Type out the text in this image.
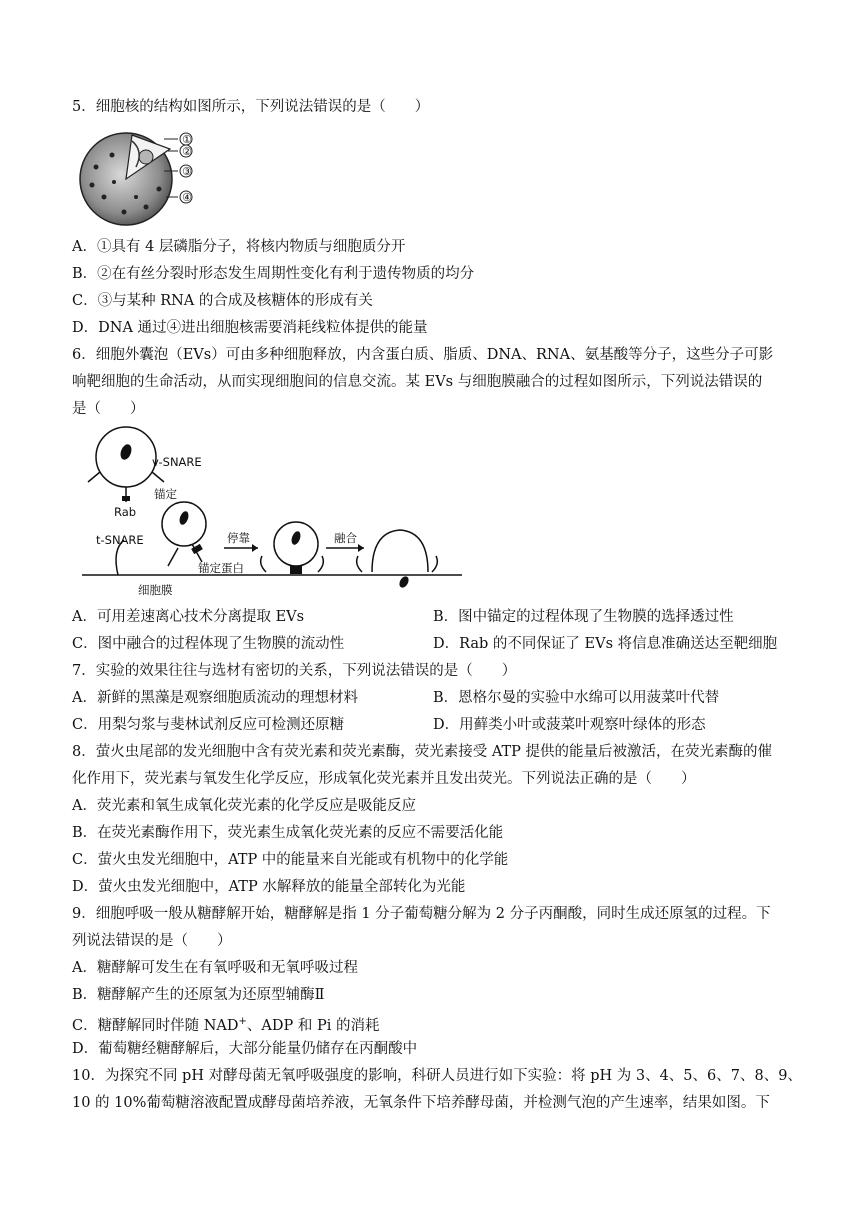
5．细胞核的结构如图所示，下列说法错误的是（　　）
①
②
③
④
A．①具有 4 层磷脂分子，将核内物质与细胞质分开
B．②在有丝分裂时形态发生周期性变化有利于遗传物质的均分
C．③与某种 RNA 的合成及核糖体的形成有关
D．DNA 通过④进出细胞核需要消耗线粒体提供的能量
6．细胞外囊泡（EVs）可由多种细胞释放，内含蛋白质、脂质、DNA、RNA、氨基酸等分子，这些分子可影
响靶细胞的生命活动，从而实现细胞间的信息交流。某 EVs 与细胞膜融合的过程如图所示，下列说法错误的
是（　　）
v-SNARE
Rab
锚定
t-SNARE	停靠	融合
锚定蛋白
细胞膜
A．可用差速离心技术分离提取 EVs	B．图中锚定的过程体现了生物膜的选择透过性
C．图中融合的过程体现了生物膜的流动性	D．Rab 的不同保证了 EVs 将信息准确送达至靶细胞
7．实验的效果往往与选材有密切的关系，下列说法错误的是（　　）
A．新鲜的黑藻是观察细胞质流动的理想材料	B．恩格尔曼的实验中水绵可以用菠菜叶代替
C．用梨匀浆与斐林试剂反应可检测还原糖	D．用藓类小叶或菠菜叶观察叶绿体的形态
8．萤火虫尾部的发光细胞中含有荧光素和荧光素酶，荧光素接受 ATP 提供的能量后被激活，在荧光素酶的催
化作用下，荧光素与氧发生化学反应，形成氧化荧光素并且发出荧光。下列说法正确的是（　　）
A．荧光素和氧生成氧化荧光素的化学反应是吸能反应
B．在荧光素酶作用下，荧光素生成氧化荧光素的反应不需要活化能
C．萤火虫发光细胞中，ATP 中的能量来自光能或有机物中的化学能
D．萤火虫发光细胞中，ATP 水解释放的能量全部转化为光能
9．细胞呼吸一般从糖酵解开始，糖酵解是指 1 分子葡萄糖分解为 2 分子丙酮酸，同时生成还原氢的过程。下
列说法错误的是（　　）
A．糖酵解可发生在有氧呼吸和无氧呼吸过程
B．糖酵解产生的还原氢为还原型辅酶Ⅱ
C．糖酵解同时伴随 NAD+、ADP 和 Pi 的消耗
D．葡萄糖经糖酵解后，大部分能量仍储存在丙酮酸中
10．为探究不同 pH 对酵母菌无氧呼吸强度的影响，科研人员进行如下实验：将 pH 为 3、4、5、6、7、8、9、
10 的 10%葡萄糖溶液配置成酵母菌培养液，无氧条件下培养酵母菌，并检测气泡的产生速率，结果如图。下
